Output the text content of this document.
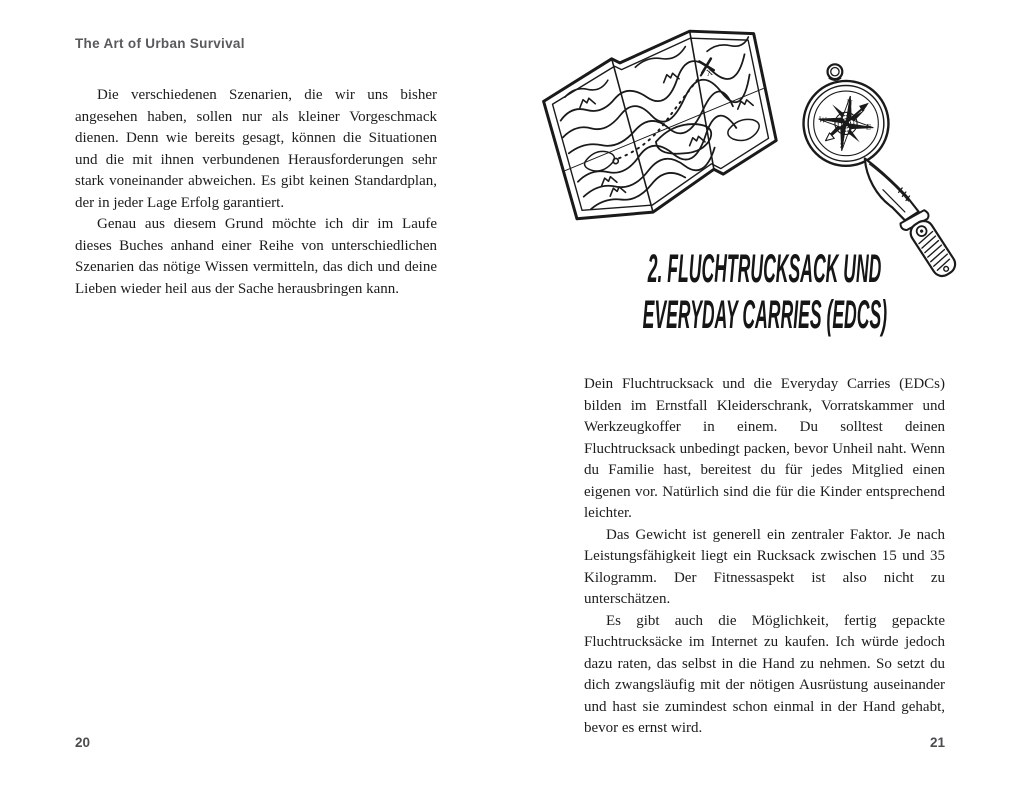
The Art of Urban Survival

Die verschiedenen Szenarien, die wir uns bisher angesehen haben, sollen nur als kleiner Vorgeschmack dienen. Denn wie bereits gesagt, können die Situationen und die mit ihnen verbundenen Herausforderungen sehr stark voneinander abweichen. Es gibt keinen Standardplan, der in jeder Lage Erfolg garantiert.

Genau aus diesem Grund möchte ich dir im Laufe dieses Buches anhand einer Reihe von unterschiedlichen Szenarien das nötige Wissen vermitteln, das dich und deine Lieben wieder heil aus der Sache herausbringen kann.

20
X
N
E
S
W
2. FLUCHTRUCKSACK UND
EVERYDAY CARRIES (EDCS)

Dein Fluchtrucksack und die Everyday Carries (EDCs) bilden im Ernstfall Kleiderschrank, Vorratskammer und Werkzeugkoffer in einem. Du solltest deinen Fluchtrucksack unbedingt packen, bevor Unheil naht. Wenn du Familie hast, bereitest du für jedes Mitglied einen eigenen vor. Natürlich sind die für die Kinder entsprechend leichter.

Das Gewicht ist generell ein zentraler Faktor. Je nach Leistungsfähigkeit liegt ein Rucksack zwischen 15 und 35 Kilogramm. Der Fitnessaspekt ist also nicht zu unterschätzen.

Es gibt auch die Möglichkeit, fertig gepackte Fluchtrucksäcke im Internet zu kaufen. Ich würde jedoch dazu raten, das selbst in die Hand zu nehmen. So setzt du dich zwangsläufig mit der nötigen Ausrüstung auseinander und hast sie zumindest schon einmal in der Hand gehabt, bevor es ernst wird.

21
